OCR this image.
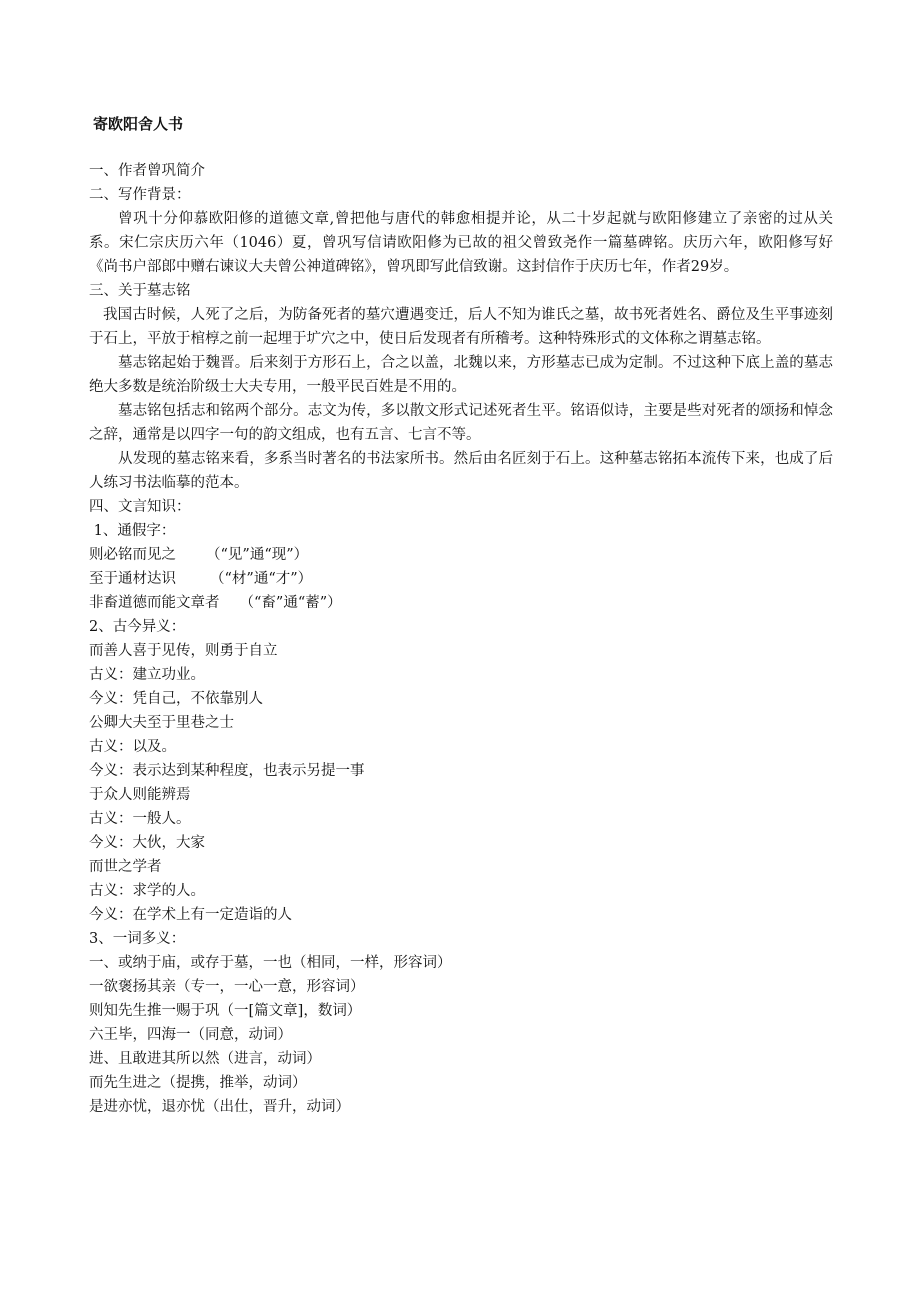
寄欧阳舍人书
一、作者曾巩简介
二、写作背景：
曾巩十分仰慕欧阳修的道德文章,曾把他与唐代的韩愈相提并论，从二十岁起就与欧阳修建立了亲密的过从关系。宋仁宗庆历六年（1046）夏，曾巩写信请欧阳修为已故的祖父曾致尧作一篇墓碑铭。庆历六年，欧阳修写好《尚书户部郎中赠右谏议大夫曾公神道碑铭》，曾巩即写此信致谢。这封信作于庆历七年，作者29岁。
三、关于墓志铭
我国古时候，人死了之后，为防备死者的墓穴遭遇变迁，后人不知为谁氏之墓，故书死者姓名、爵位及生平事迹刻于石上，平放于棺椁之前一起埋于圹穴之中，使日后发现者有所稽考。这种特殊形式的文体称之谓墓志铭。
墓志铭起始于魏晋。后来刻于方形石上，合之以盖，北魏以来，方形墓志已成为定制。不过这种下底上盖的墓志绝大多数是统治阶级士大夫专用，一般平民百姓是不用的。
墓志铭包括志和铭两个部分。志文为传，多以散文形式记述死者生平。铭语似诗，主要是些对死者的颂扬和悼念之辞，通常是以四字一句的韵文组成，也有五言、七言不等。
从发现的墓志铭来看，多系当时著名的书法家所书。然后由名匠刻于石上。这种墓志铭拓本流传下来，也成了后人练习书法临摹的范本。
四、文言知识：
1、通假字：
则必铭而见之 （“见”通“现”）
至于通材达识 （“材”通“才”）
非畜道德而能文章者 （“畜”通“蓄”）
2、古今异义：
而善人喜于见传，则勇于自立
古义：建立功业。
今义：凭自己，不依靠别人
公卿大夫至于里巷之士
古义：以及。
今义：表示达到某种程度，也表示另提一事
于众人则能辨焉
古义：一般人。
今义：大伙，大家
而世之学者
古义：求学的人。
今义：在学术上有一定造诣的人
3、一词多义：
一、或纳于庙，或存于墓，一也（相同，一样，形容词）
一欲褒扬其亲（专一，一心一意，形容词）
则知先生推一赐于巩（一[篇文章]，数词）
六王毕，四海一（同意，动词）
进、且敢进其所以然（进言，动词）
而先生进之（提携，推举，动词）
是进亦忧，退亦忧（出仕，晋升，动词）
